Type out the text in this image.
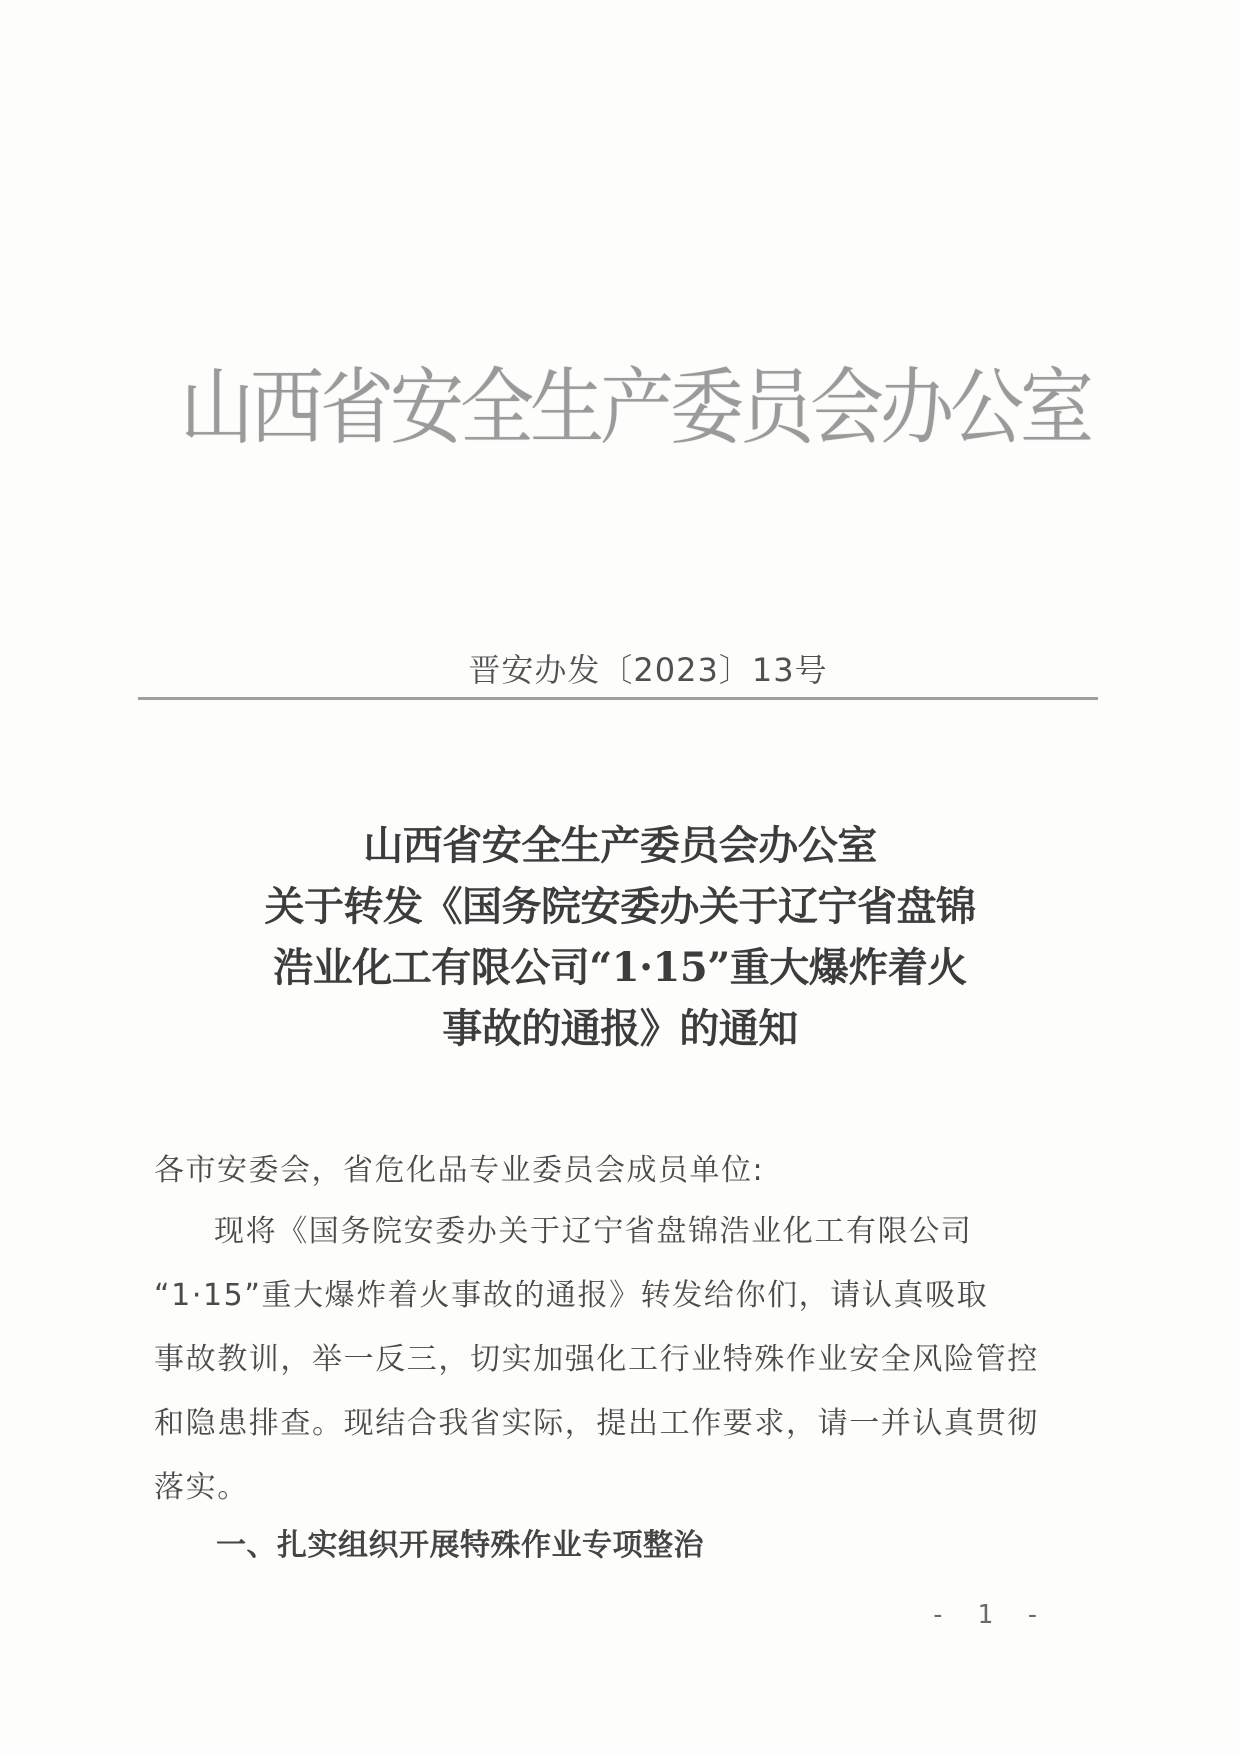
山西省安全生产委员会办公室
晋安办发〔2023〕13号
山西省安全生产委员会办公室
关于转发《国务院安委办关于辽宁省盘锦
浩业化工有限公司“1·15”重大爆炸着火
事故的通报》的通知
各市安委会，省危化品专业委员会成员单位:
现将《国务院安委办关于辽宁省盘锦浩业化工有限公司
“1·15”重大爆炸着火事故的通报》转发给你们，请认真吸取
事故教训，举一反三，切实加强化工行业特殊作业安全风险管控
和隐患排查。现结合我省实际，提出工作要求，请一并认真贯彻
落实。
一、扎实组织开展特殊作业专项整治
- 1 -
